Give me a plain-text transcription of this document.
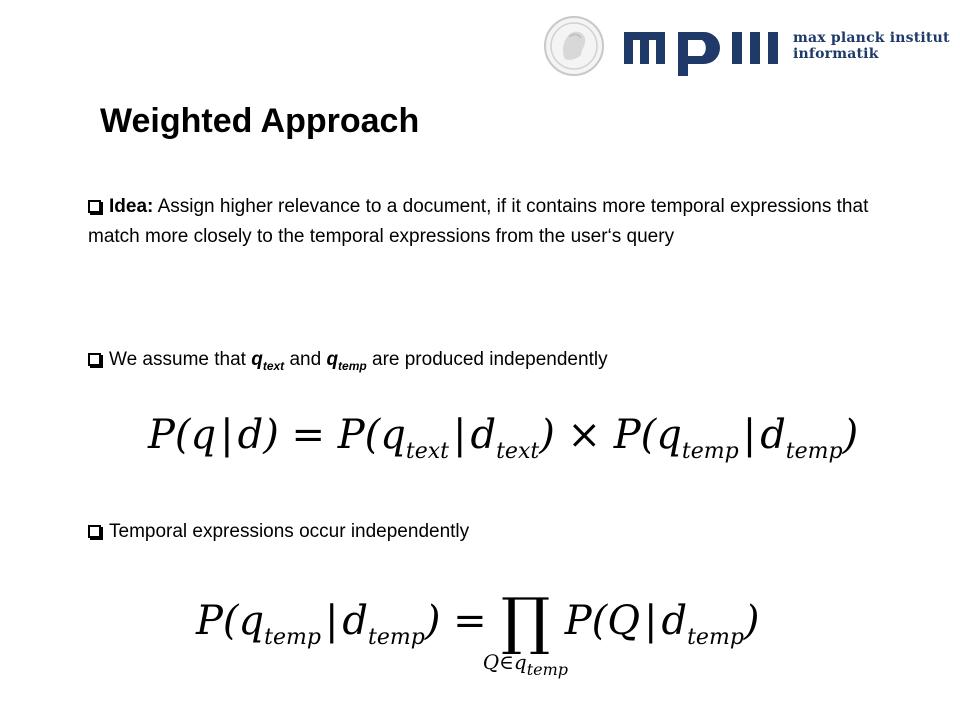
max planck institut
informatik
Weighted Approach
Idea: Assign higher relevance to a document, if it contains more temporal expressions that match more closely to the temporal expressions from the user‘s query
We assume that $q_{text}$ and $q_{temp}$ are produced independently
P(q | $d) = P(q_{text}$ | $d_{text}) \times P(q_{temp}$ | $d_{temp}$)
Temporal expressions occur independently
$P(q_{temp}$ | $d_{temp}$) = ∏
$Q\in q_{temp}$
P(Q | $d_{temp}$)
